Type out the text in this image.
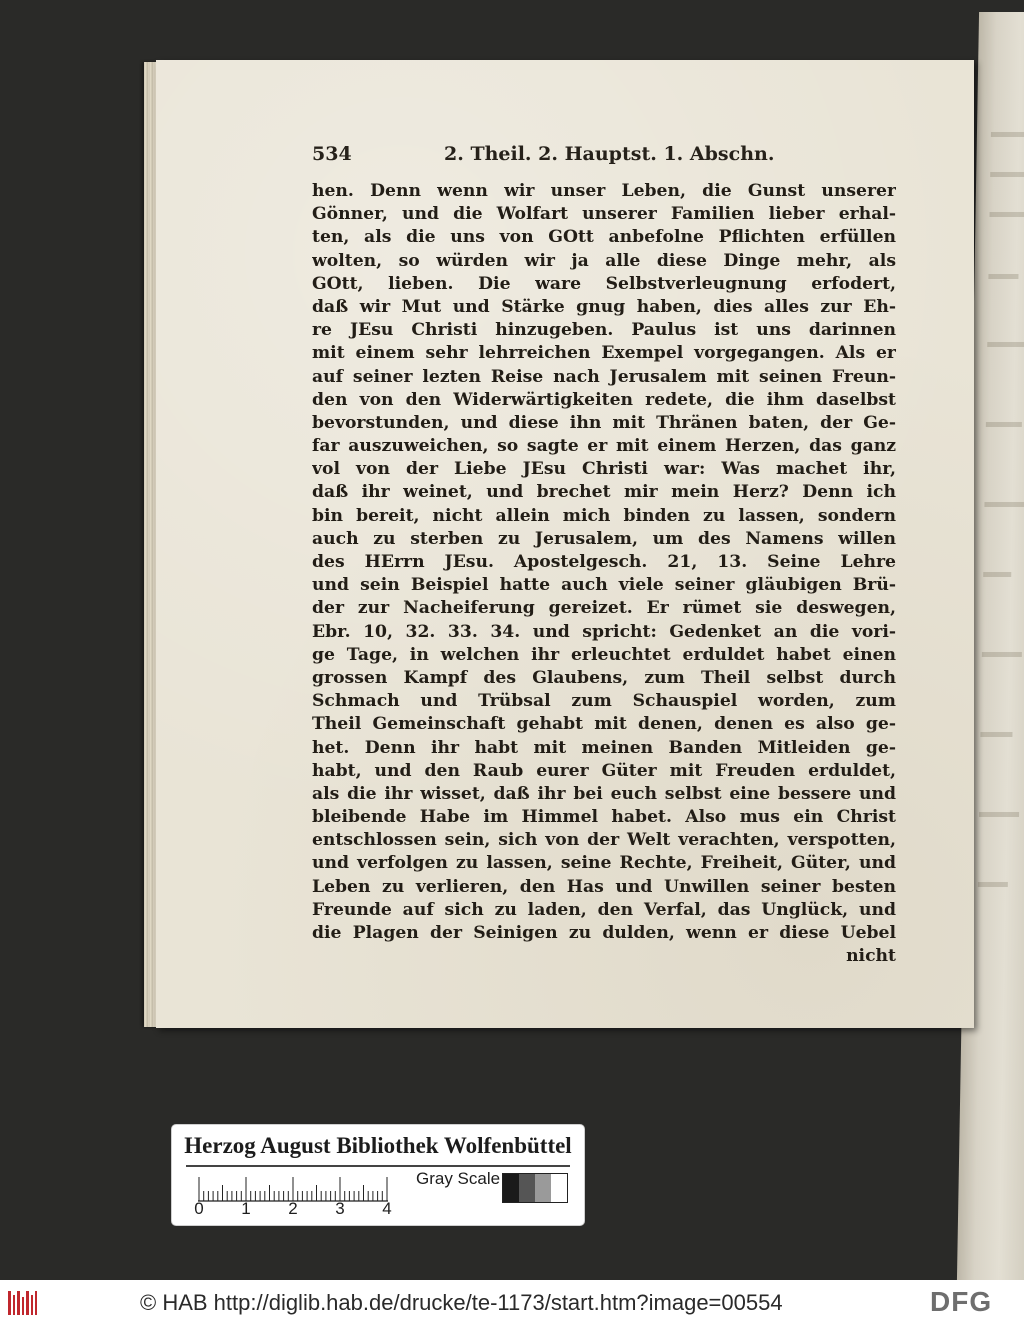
534	2. Theil. 2. Hauptst. 1. Abschn.
hen. Denn wenn wir unser Leben, die Gunst unserer
Gönner, und die Wolfart unserer Familien lieber erhal-
ten, als die uns von GOtt anbefolne Pflichten erfüllen
wolten, so würden wir ja alle diese Dinge mehr, als
GOtt, lieben. Die ware Selbstverleugnung erfodert,
daß wir Mut und Stärke gnug haben, dies alles zur Eh-
re JEsu Christi hinzugeben. Paulus ist uns darinnen
mit einem sehr lehrreichen Exempel vorgegangen. Als er
auf seiner lezten Reise nach Jerusalem mit seinen Freun-
den von den Widerwärtigkeiten redete, die ihm daselbst
bevorstunden, und diese ihn mit Thränen baten, der Ge-
far auszuweichen, so sagte er mit einem Herzen, das ganz
vol von der Liebe JEsu Christi war: Was machet ihr,
daß ihr weinet, und brechet mir mein Herz? Denn ich
bin bereit, nicht allein mich binden zu lassen, sondern
auch zu sterben zu Jerusalem, um des Namens willen
des HErrn JEsu. Apostelgesch. 21, 13. Seine Lehre
und sein Beispiel hatte auch viele seiner gläubigen Brü-
der zur Nacheiferung gereizet. Er rümet sie deswegen,
Ebr. 10, 32. 33. 34. und spricht: Gedenket an die vori-
ge Tage, in welchen ihr erleuchtet erduldet habet einen
grossen Kampf des Glaubens, zum Theil selbst durch
Schmach und Trübsal zum Schauspiel worden, zum
Theil Gemeinschaft gehabt mit denen, denen es also ge-
het. Denn ihr habt mit meinen Banden Mitleiden ge-
habt, und den Raub eurer Güter mit Freuden erduldet,
als die ihr wisset, daß ihr bei euch selbst eine bessere und
bleibende Habe im Himmel habet. Also mus ein Christ
entschlossen sein, sich von der Welt verachten, verspotten,
und verfolgen zu lassen, seine Rechte, Freiheit, Güter, und
Leben zu verlieren, den Has und Unwillen seiner besten
Freunde auf sich zu laden, den Verfal, das Unglück, und
die Plagen der Seinigen zu dulden, wenn er diese Uebel
nicht
Herzog August Bibliothek Wolfenbüttel
Gray Scale
0	1	2	3	4
© HAB http://diglib.hab.de/drucke/te-1173/start.htm?image=00554	DFG
